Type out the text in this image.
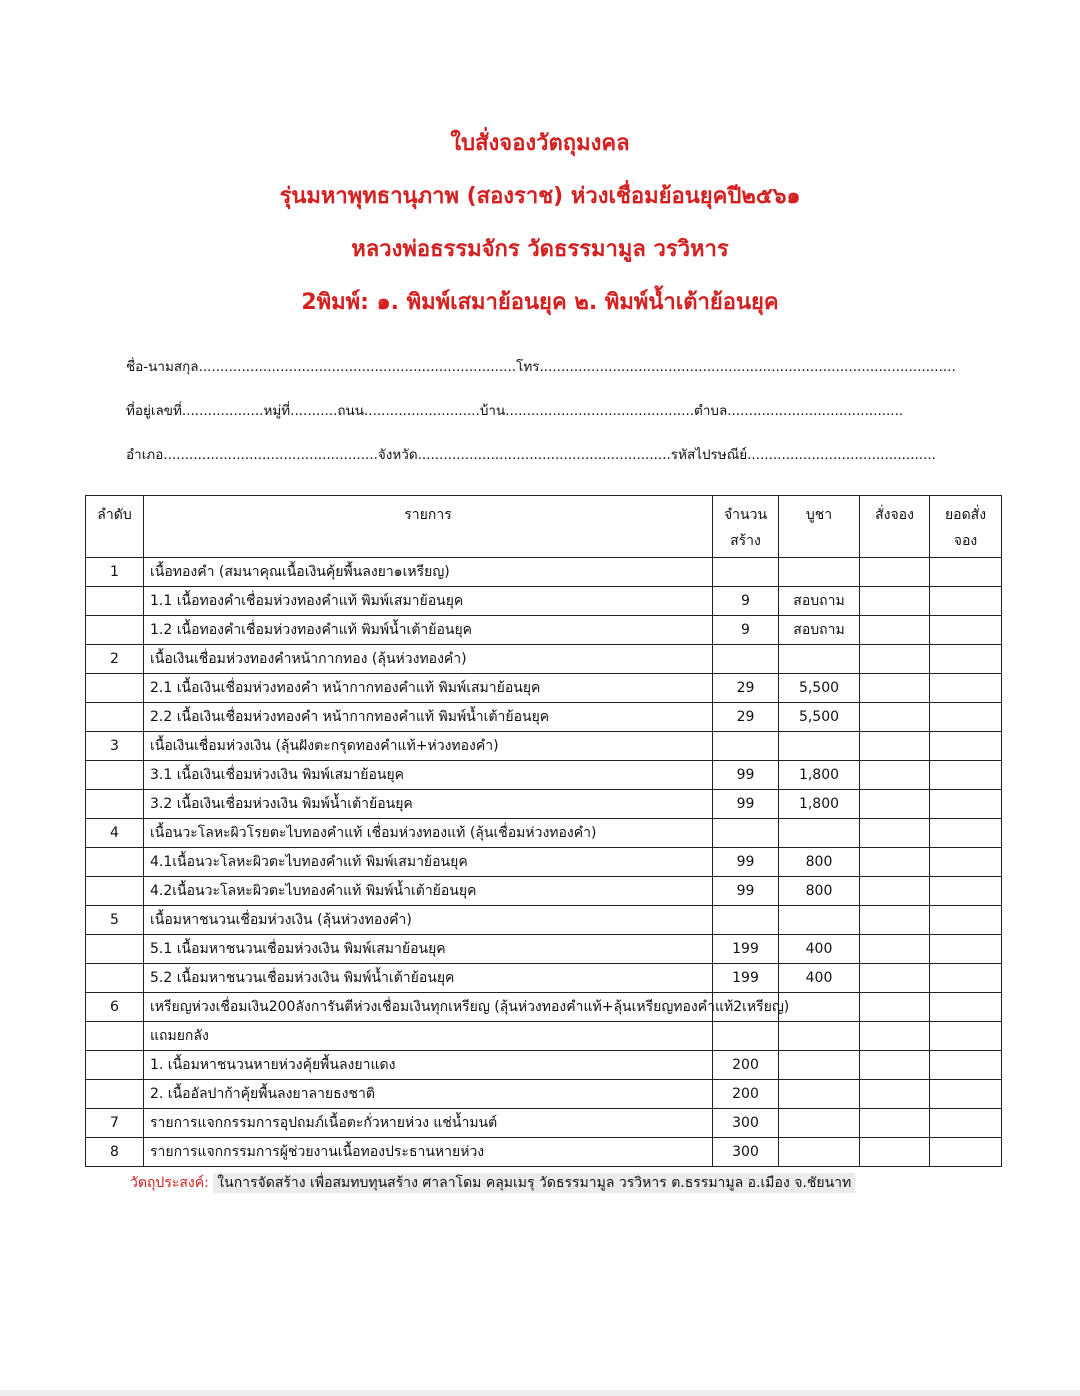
ใบสั่งจองวัตถุมงคล
รุ่นมหาพุทธานุภาพ (สองราช) ห่วงเชื่อมย้อนยุคปี๒๕๖๑
หลวงพ่อธรรมจักร วัดธรรมามูล วรวิหาร
2พิมพ์: ๑. พิมพ์เสมาย้อนยุค ๒. พิมพ์น้ำเต้าย้อนยุค
ชื่อ-นามสกุล..........................................................................โทร.................................................................................................
ที่อยู่เลขที่...................หมู่ที่...........ถนน...........................บ้าน............................................ตำบล.........................................
อำเภอ..................................................จังหวัด...........................................................รหัสไปรษณีย์............................................
ลำดับ	รายการ	จำนวน สร้าง	บูชา	สั่งจอง	ยอดสั่ง จอง
1	เนื้อทองคำ (สมนาคุณเนื้อเงินคุ้ยพื้นลงยา๑เหรียญ)				
	1.1 เนื้อทองคำเชื่อมห่วงทองคำแท้ พิมพ์เสมาย้อนยุค	9	สอบถาม		
	1.2 เนื้อทองคำเชื่อมห่วงทองคำแท้ พิมพ์น้ำเต้าย้อนยุค	9	สอบถาม		
2	เนื้อเงินเชื่อมห่วงทองคำหน้ากากทอง (ลุ้นห่วงทองคำ)				
	2.1 เนื้อเงินเชื่อมห่วงทองคำ หน้ากากทองคำแท้ พิมพ์เสมาย้อนยุค	29	5,500		
	2.2 เนื้อเงินเชื่อมห่วงทองคำ หน้ากากทองคำแท้ พิมพ์น้ำเต้าย้อนยุค	29	5,500		
3	เนื้อเงินเชื่อมห่วงเงิน (ลุ้นฝังตะกรุดทองคำแท้+ห่วงทองคำ)				
	3.1 เนื้อเงินเชื่อมห่วงเงิน พิมพ์เสมาย้อนยุค	99	1,800		
	3.2 เนื้อเงินเชื่อมห่วงเงิน พิมพ์น้ำเต้าย้อนยุค	99	1,800		
4	เนื้อนวะโลหะผิวโรยตะไบทองคำแท้ เชื่อมห่วงทองแท้ (ลุ้นเชื่อมห่วงทองคำ)				
	4.1เนื้อนวะโลหะผิวตะไบทองคำแท้ พิมพ์เสมาย้อนยุค	99	800		
	4.2เนื้อนวะโลหะผิวตะไบทองคำแท้ พิมพ์น้ำเต้าย้อนยุค	99	800		
5	เนื้อมหาชนวนเชื่อมห่วงเงิน (ลุ้นห่วงทองคำ)				
	5.1 เนื้อมหาชนวนเชื่อมห่วงเงิน พิมพ์เสมาย้อนยุค	199	400		
	5.2 เนื้อมหาชนวนเชื่อมห่วงเงิน พิมพ์น้ำเต้าย้อนยุค	199	400		
6	เหรียญห่วงเชื่อมเงิน200ลังการันตีห่วงเชื่อมเงินทุกเหรียญ (ลุ้นห่วงทองคำแท้+ลุ้นเหรียญทองคำแท้2เหรียญ)				
	แถมยกลัง				
	1. เนื้อมหาชนวนหายห่วงคุ้ยพื้นลงยาแดง	200			
	2. เนื้ออัลปาก้าคุ้ยพื้นลงยาลายธงชาติ	200			
7	รายการแจกกรรมการอุปถมภ์เนื้อตะกั่วหายห่วง แช่น้ำมนต์	300			
8	รายการแจกกรรมการผู้ช่วยงานเนื้อทองประธานหายห่วง	300			
วัตถุประสงค์: ในการจัดสร้าง เพื่อสมทบทุนสร้าง ศาลาโดม คลุมเมรุ วัดธรรมามูล วรวิหาร ต.ธรรมามูล อ.เมือง จ.ชัยนาท
